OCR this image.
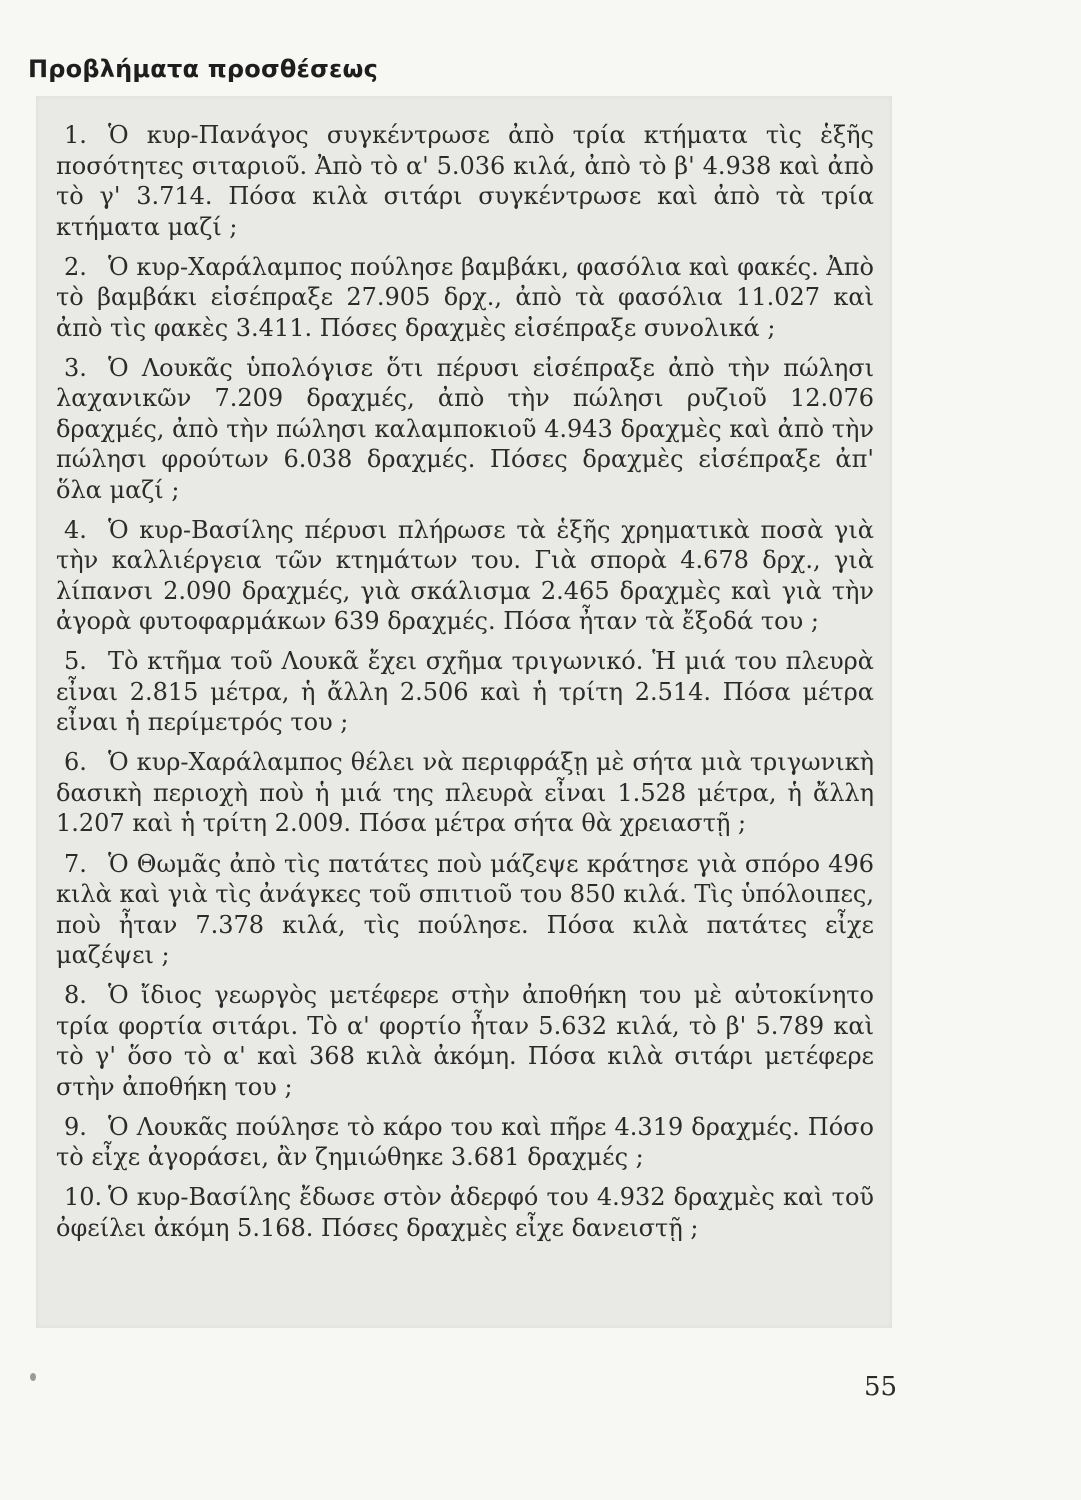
Προβλήματα προσθέσεως

1. Ὁ κυρ-Πανάγος συγκέντρωσε ἀπὸ τρία κτήματα τὶς ἑξῆς ποσότητες σιταριοῦ. Ἀπὸ τὸ α' 5.036 κιλά, ἀπὸ τὸ β' 4.938 καὶ ἀπὸ τὸ γ' 3.714. Πόσα κιλὰ σιτάρι συγκέντρωσε καὶ ἀπὸ τὰ τρία κτήματα μαζί ;

2. Ὁ κυρ-Χαράλαμπος πούλησε βαμβάκι, φασόλια καὶ φακές. Ἀπὸ τὸ βαμβάκι εἰσέπραξε 27.905 δρχ., ἀπὸ τὰ φασόλια 11.027 καὶ ἀπὸ τὶς φακὲς 3.411. Πόσες δραχμὲς εἰσέπραξε συνολικά ;

3. Ὁ Λουκᾶς ὑπολόγισε ὅτι πέρυσι εἰσέπραξε ἀπὸ τὴν πώλησι λαχανικῶν 7.209 δραχμές, ἀπὸ τὴν πώλησι ρυζιοῦ 12.076 δραχμές, ἀπὸ τὴν πώλησι καλαμποκιοῦ 4.943 δραχμὲς καὶ ἀπὸ τὴν πώλησι φρούτων 6.038 δραχμές. Πόσες δραχμὲς εἰσέπραξε ἀπ' ὅλα μαζί ;

4. Ὁ κυρ-Βασίλης πέρυσι πλήρωσε τὰ ἑξῆς χρηματικὰ ποσὰ γιὰ τὴν καλλιέργεια τῶν κτημάτων του. Γιὰ σπορὰ 4.678 δρχ., γιὰ λίπανσι 2.090 δραχμές, γιὰ σκάλισμα 2.465 δραχμὲς καὶ γιὰ τὴν ἀγορὰ φυτοφαρμάκων 639 δραχμές. Πόσα ἦταν τὰ ἔξοδά του ;

5. Τὸ κτῆμα τοῦ Λουκᾶ ἔχει σχῆμα τριγωνικό. Ἡ μιά του πλευρὰ εἶναι 2.815 μέτρα, ἡ ἄλλη 2.506 καὶ ἡ τρίτη 2.514. Πόσα μέτρα εἶναι ἡ περίμετρός του ;

6. Ὁ κυρ-Χαράλαμπος θέλει νὰ περιφράξῃ μὲ σήτα μιὰ τριγωνικὴ δασικὴ περιοχὴ ποὺ ἡ μιά της πλευρὰ εἶναι 1.528 μέτρα, ἡ ἄλλη 1.207 καὶ ἡ τρίτη 2.009. Πόσα μέτρα σήτα θὰ χρειαστῇ ;

7. Ὁ Θωμᾶς ἀπὸ τὶς πατάτες ποὺ μάζεψε κράτησε γιὰ σπόρο 496 κιλὰ καὶ γιὰ τὶς ἀνάγκες τοῦ σπιτιοῦ του 850 κιλά. Τὶς ὑπόλοιπες, ποὺ ἦταν 7.378 κιλά, τὶς πούλησε. Πόσα κιλὰ πατάτες εἶχε μαζέψει ;

8. Ὁ ἴδιος γεωργὸς μετέφερε στὴν ἀποθήκη του μὲ αὐτοκίνητο τρία φορτία σιτάρι. Τὸ α' φορτίο ἦταν 5.632 κιλά, τὸ β' 5.789 καὶ τὸ γ' ὅσο τὸ α' καὶ 368 κιλὰ ἀκόμη. Πόσα κιλὰ σιτάρι μετέφερε στὴν ἀποθήκη του ;

9. Ὁ Λουκᾶς πούλησε τὸ κάρο του καὶ πῆρε 4.319 δραχμές. Πόσο τὸ εἶχε ἀγοράσει, ἂν ζημιώθηκε 3.681 δραχμές ;

10. Ὁ κυρ-Βασίλης ἔδωσε στὸν ἀδερφό του 4.932 δραχμὲς καὶ τοῦ ὀφείλει ἀκόμη 5.168. Πόσες δραχμὲς εἶχε δανειστῇ ;

55
